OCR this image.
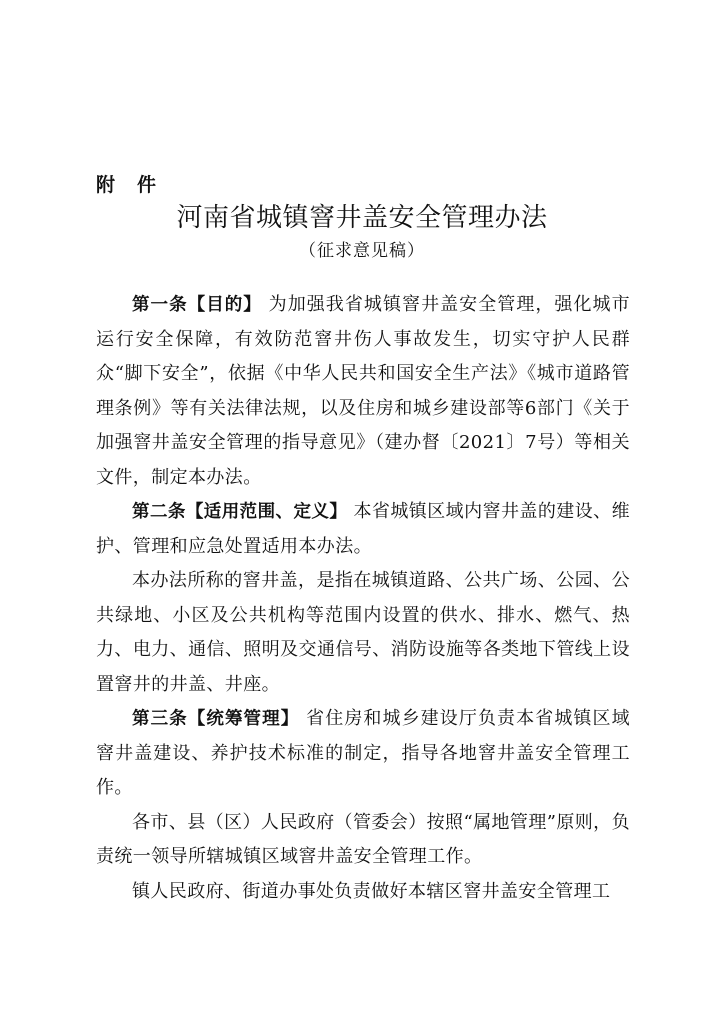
附 件
河南省城镇窨井盖安全管理办法
（征求意见稿）

第一条【目的】 为加强我省城镇窨井盖安全管理，强化城市运行安全保障，有效防范窨井伤人事故发生，切实守护人民群众“脚下安全”，依据《中华人民共和国安全生产法》《城市道路管理条例》等有关法律法规，以及住房和城乡建设部等6部门《关于加强窨井盖安全管理的指导意见》（建办督〔2021〕7号）等相关文件，制定本办法。

第二条【适用范围、定义】 本省城镇区域内窨井盖的建设、维护、管理和应急处置适用本办法。

本办法所称的窨井盖，是指在城镇道路、公共广场、公园、公共绿地、小区及公共机构等范围内设置的供水、排水、燃气、热力、电力、通信、照明及交通信号、消防设施等各类地下管线上设置窨井的井盖、井座。

第三条【统筹管理】 省住房和城乡建设厅负责本省城镇区域窨井盖建设、养护技术标准的制定，指导各地窨井盖安全管理工作。

各市、县（区）人民政府（管委会）按照“属地管理”原则，负责统一领导所辖城镇区域窨井盖安全管理工作。

镇人民政府、街道办事处负责做好本辖区窨井盖安全管理工
